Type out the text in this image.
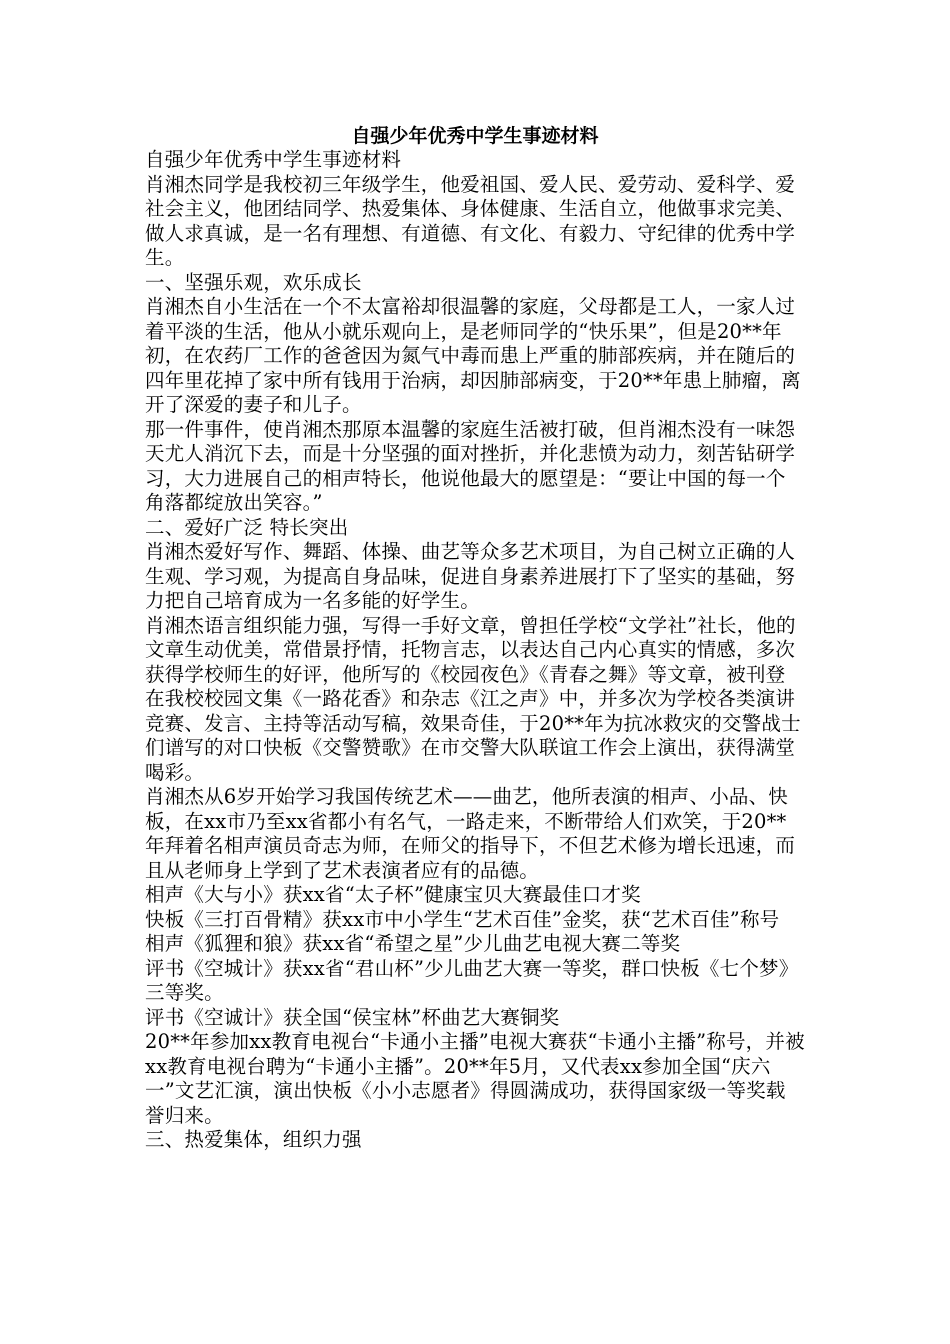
自强少年优秀中学生事迹材料

自强少年优秀中学生事迹材料

肖湘杰同学是我校初三年级学生，他爱祖国、爱人民、爱劳动、爱科学、爱社会主义，他团结同学、热爱集体、身体健康、生活自立，他做事求完美、做人求真诚，是一名有理想、有道德、有文化、有毅力、守纪律的优秀中学生。

一、坚强乐观，欢乐成长

肖湘杰自小生活在一个不太富裕却很温馨的家庭，父母都是工人，一家人过着平淡的生活，他从小就乐观向上，是老师同学的“快乐果”，但是20**年初，在农药厂工作的爸爸因为氮气中毒而患上严重的肺部疾病，并在随后的四年里花掉了家中所有钱用于治病，却因肺部病变，于20**年患上肺瘤，离开了深爱的妻子和儿子。

那一件事件，使肖湘杰那原本温馨的家庭生活被打破，但肖湘杰没有一味怨天尤人消沉下去，而是十分坚强的面对挫折，并化悲愤为动力，刻苦钻研学习，大力进展自己的相声特长，他说他最大的愿望是：“要让中国的每一个角落都绽放出笑容。”

二、爱好广泛 特长突出

肖湘杰爱好写作、舞蹈、体操、曲艺等众多艺术项目，为自己树立正确的人生观、学习观，为提高自身品味，促进自身素养进展打下了坚实的基础，努力把自己培育成为一名多能的好学生。

肖湘杰语言组织能力强，写得一手好文章，曾担任学校“文学社”社长，他的文章生动优美，常借景抒情，托物言志，以表达自己内心真实的情感，多次获得学校师生的好评，他所写的《校园夜色》《青春之舞》等文章，被刊登在我校校园文集《一路花香》和杂志《江之声》中，并多次为学校各类演讲竞赛、发言、主持等活动写稿，效果奇佳，于20**年为抗冰救灾的交警战士们谱写的对口快板《交警赞歌》在市交警大队联谊工作会上演出，获得满堂喝彩。

肖湘杰从6岁开始学习我国传统艺术——曲艺，他所表演的相声、小品、快板，在xx市乃至xx省都小有名气，一路走来，不断带给人们欢笑，于20**年拜着名相声演员奇志为师，在师父的指导下，不但艺术修为增长迅速，而且从老师身上学到了艺术表演者应有的品德。

相声《大与小》获xx省“太子杯”健康宝贝大赛最佳口才奖

快板《三打百骨精》获xx市中小学生“艺术百佳”金奖，获“艺术百佳”称号

相声《狐狸和狼》获xx省“希望之星”少儿曲艺电视大赛二等奖

评书《空城计》获xx省“君山杯”少儿曲艺大赛一等奖，群口快板《七个梦》三等奖。

评书《空诚计》获全国“侯宝林”杯曲艺大赛铜奖

20**年参加xx教育电视台“卡通小主播”电视大赛获“卡通小主播”称号，并被xx教育电视台聘为“卡通小主播”。20**年5月，又代表xx参加全国“庆六一”文艺汇演，演出快板《小小志愿者》得圆满成功，获得国家级一等奖载誉归来。

三、热爱集体，组织力强
